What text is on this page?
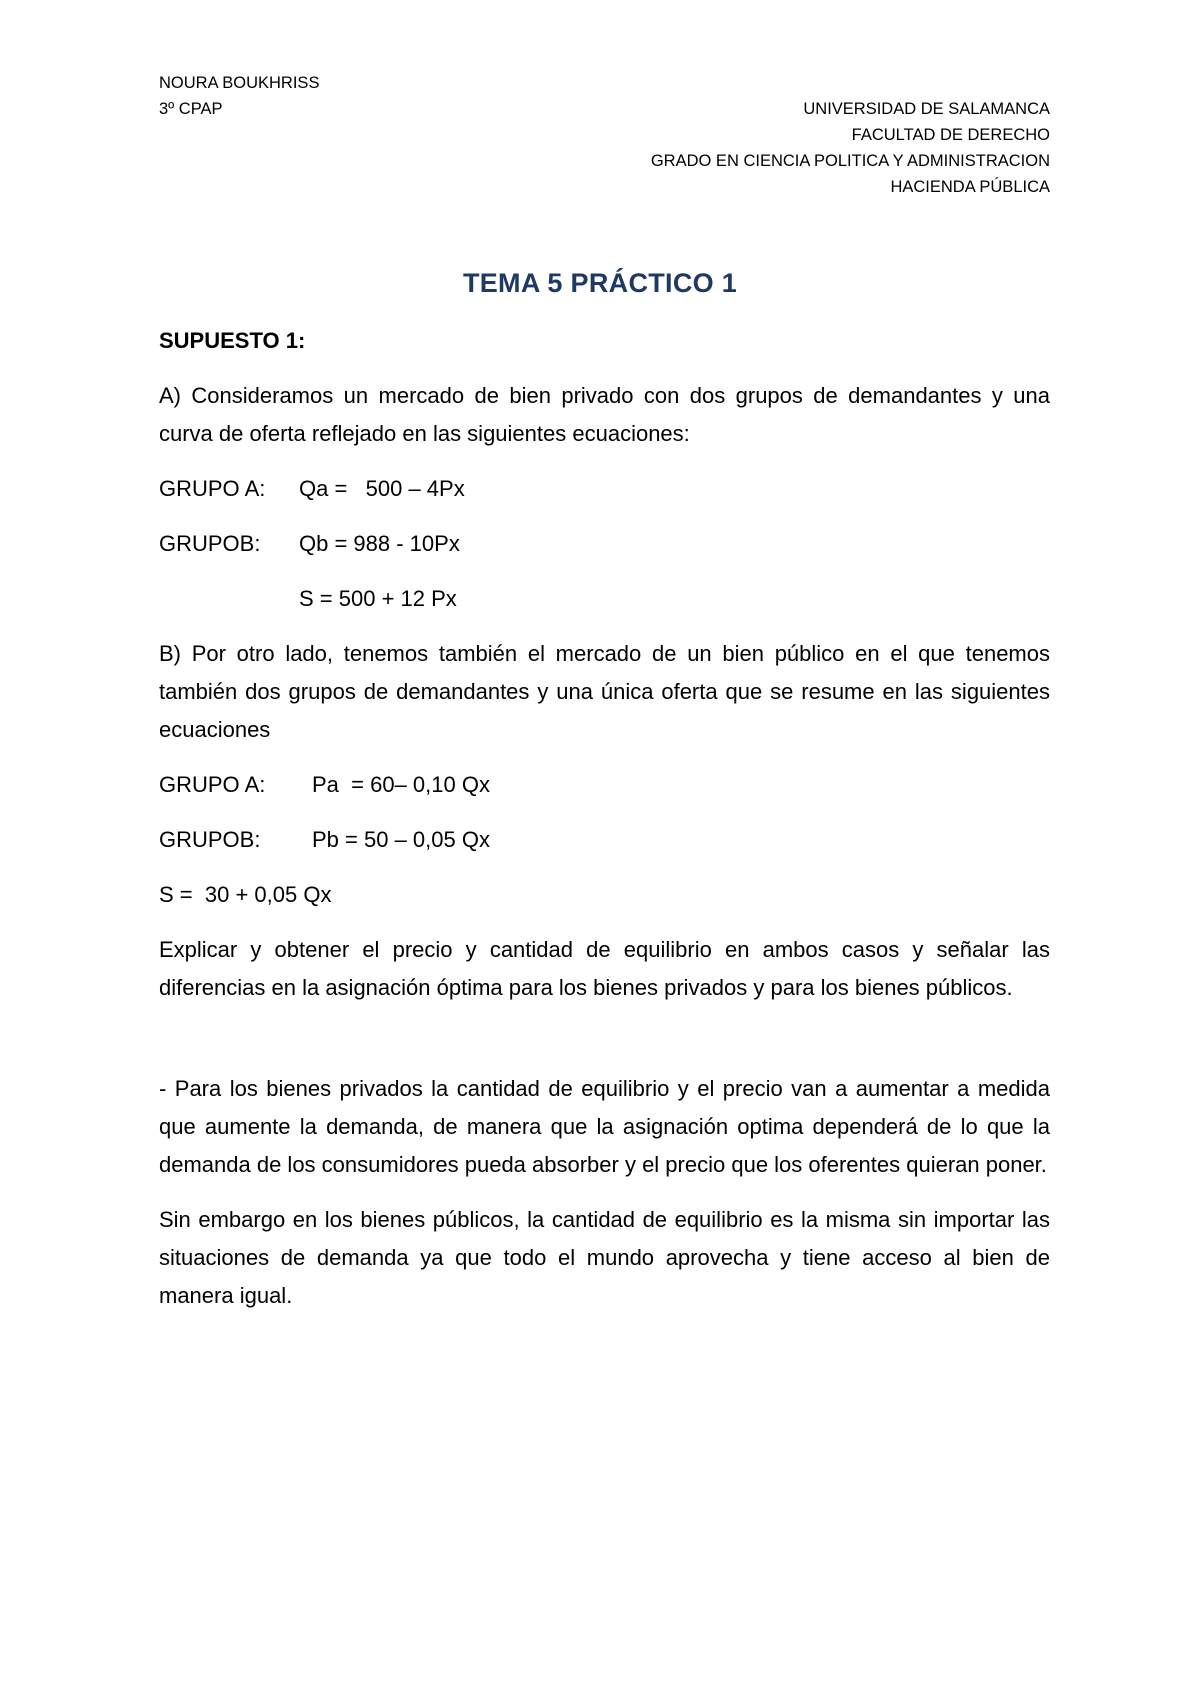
NOURA BOUKHRISS
3º CPAP	UNIVERSIDAD DE SALAMANCA
FACULTAD DE DERECHO
GRADO EN CIENCIA POLITICA Y ADMINISTRACION
HACIENDA PÚBLICA
TEMA 5 PRÁCTICO 1
SUPUESTO 1:

A) Consideramos un mercado de bien privado con dos grupos de demandantes y una curva de oferta reflejado en las siguientes ecuaciones:

GRUPO A:	Qa =   500 – 4Px
GRUPOB:	Qb = 988 - 10Px
S = 500 + 12 Px

B) Por otro lado, tenemos también el mercado de un bien público en el que tenemos también dos grupos de demandantes y una única oferta que se resume en las siguientes ecuaciones

GRUPO A:	Pa  = 60– 0,10 Qx
GRUPOB:	Pb = 50 – 0,05 Qx
S =  30 + 0,05 Qx

Explicar y obtener el precio y cantidad de equilibrio en ambos casos y señalar las diferencias en la asignación óptima para los bienes privados y para los bienes públicos.

- Para los bienes privados la cantidad de equilibrio y el precio van a aumentar a medida que aumente la demanda, de manera que la asignación optima dependerá de lo que la demanda de los consumidores pueda absorber y el precio que los oferentes quieran poner.

Sin embargo en los bienes públicos, la cantidad de equilibrio es la misma sin importar las situaciones de demanda ya que todo el mundo aprovecha y tiene acceso al bien de manera igual.
